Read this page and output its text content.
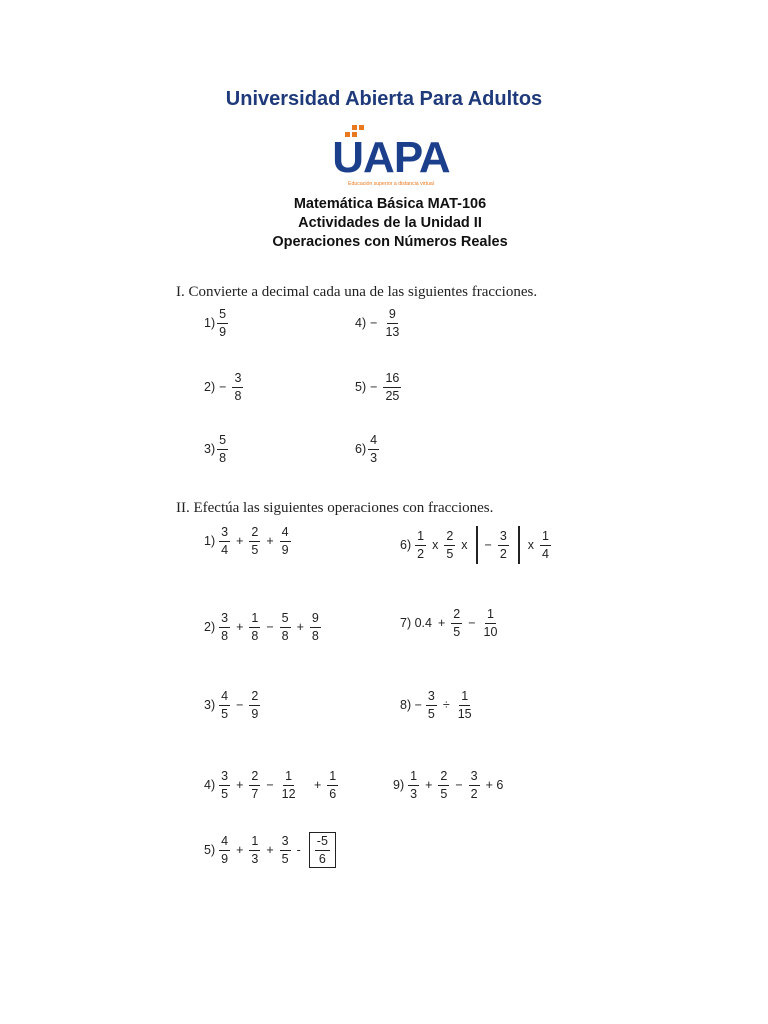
Universidad Abierta Para Adultos
UAPA
Educación superior a distancia virtual
Matemática Básica MAT-106
Actividades de la Unidad II
Operaciones con Números Reales
I. Convierte a decimal cada una de las siguientes fracciones.
$1) \frac{5}{9}$
$2) - \frac{3}{8}$
$3) \frac{5}{8}$
$4) - \frac{9}{13}$
$5) - \frac{16}{25}$
$6) \frac{4}{3}$
II. Efectúa las siguientes operaciones con fracciones.
$1) \frac{3}{4} + \frac{2}{5} + \frac{4}{9}$
$2) \frac{3}{8} + \frac{1}{8} - \frac{5}{8} + \frac{9}{8}$
$3) \frac{4}{5} - \frac{2}{9}$
$4) \frac{3}{5} + \frac{2}{7} - \frac{1}{12} + \frac{1}{6}$
$5) \frac{4}{9} + \frac{1}{3} + \frac{3}{5} - \frac{-5}{6}$
$6) \frac{1}{2}$ x $\frac{2}{5}$ $x - \frac{3}{2}$ x $\frac{1}{4}$
7) $0.4 + \frac{2}{5} - \frac{1}{10}$
$8) - \frac{3}{5} \div \frac{1}{15}$
$9) \frac{1}{3} + \frac{2}{5} - \frac{3}{2} + 6$
